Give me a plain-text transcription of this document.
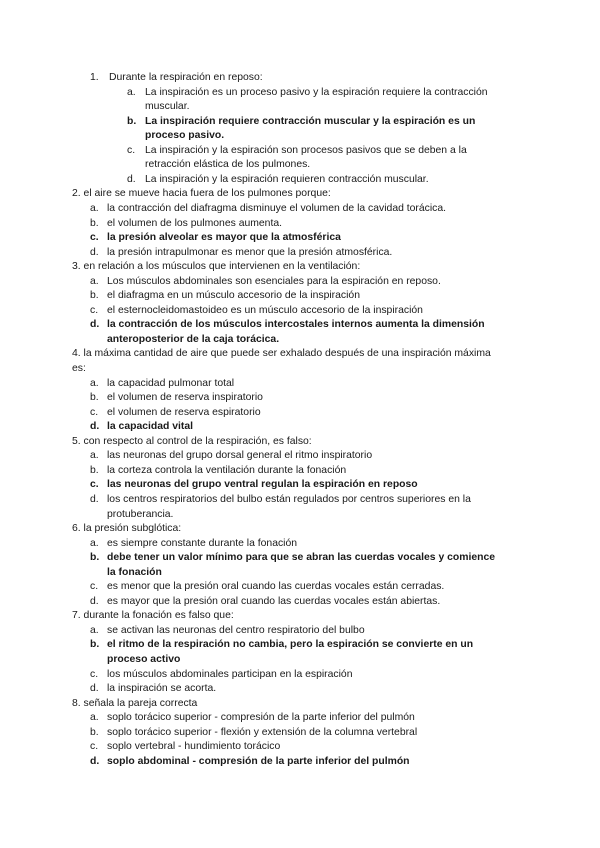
1. Durante la respiración en reposo:
a. La inspiración es un proceso pasivo y la espiración requiere la contracción
muscular.
b. La inspiración requiere contracción muscular y la espiración es un
proceso pasivo.
c. La inspiración y la espiración son procesos pasivos que se deben a la
retracción elástica de los pulmones.
d. La inspiración y la espiración requieren contracción muscular.
2. el aire se mueve hacia fuera de los pulmones porque:
a. la contracción del diafragma disminuye el volumen de la cavidad torácica.
b. el volumen de los pulmones aumenta.
c. la presión alveolar es mayor que la atmosférica
d. la presión intrapulmonar es menor que la presión atmosférica.
3. en relación a los músculos que intervienen en la ventilación:
a. Los músculos abdominales son esenciales para la espiración en reposo.
b. el diafragma en un músculo accesorio de la inspiración
c. el esternocleidomastoideo es un músculo accesorio de la inspiración
d. la contracción de los músculos intercostales internos aumenta la dimensión
anteroposterior de la caja torácica.
4. la máxima cantidad de aire que puede ser exhalado después de una inspiración máxima
es:
a. la capacidad pulmonar total
b. el volumen de reserva inspiratorio
c. el volumen de reserva espiratorio
d. la capacidad vital
5. con respecto al control de la respiración, es falso:
a. las neuronas del grupo dorsal general el ritmo inspiratorio
b. la corteza controla la ventilación durante la fonación
c. las neuronas del grupo ventral regulan la espiración en reposo
d. los centros respiratorios del bulbo están regulados por centros superiores en la
protuberancia.
6. la presión subglótica:
a. es siempre constante durante la fonación
b. debe tener un valor mínimo para que se abran las cuerdas vocales y comience
la fonación
c. es menor que la presión oral cuando las cuerdas vocales están cerradas.
d. es mayor que la presión oral cuando las cuerdas vocales están abiertas.
7. durante la fonación es falso que:
a. se activan las neuronas del centro respiratorio del bulbo
b. el ritmo de la respiración no cambia, pero la espiración se convierte en un
proceso activo
c. los músculos abdominales participan en la espiración
d. la inspiración se acorta.
8. señala la pareja correcta
a. soplo torácico superior - compresión de la parte inferior del pulmón
b. soplo torácico superior - flexión y extensión de la columna vertebral
c. soplo vertebral - hundimiento torácico
d. soplo abdominal - compresión de la parte inferior del pulmón
